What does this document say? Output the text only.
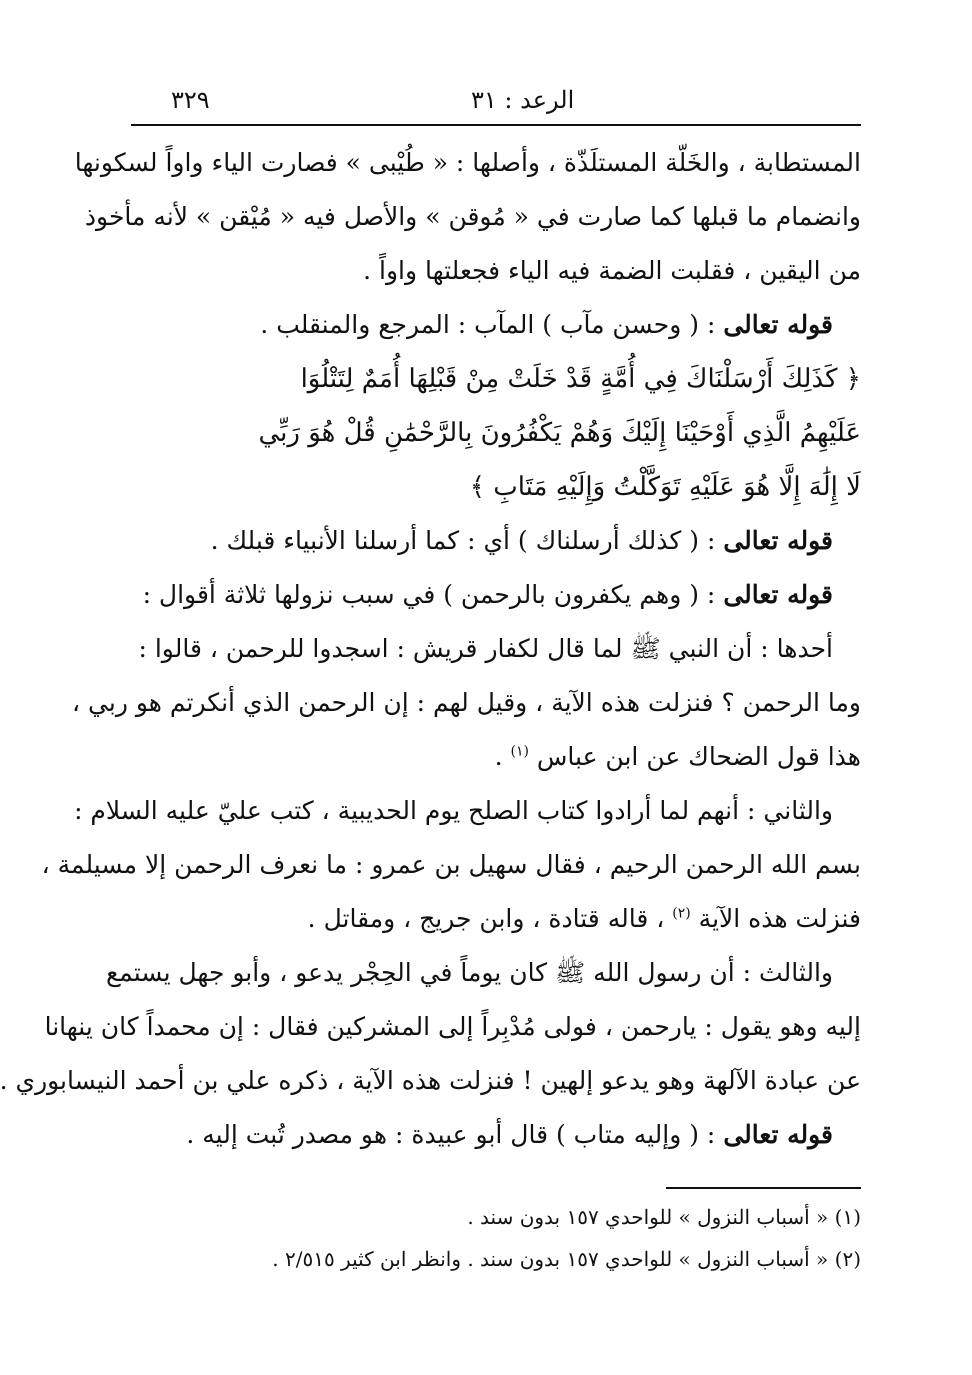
٣٢٩	الرعد : ٣١
المستطابة ، والخَلّة المستلَذّة ، وأصلها : « طُيْبى » فصارت الياء واواً لسكونها
وانضمام ما قبلها كما صارت في « مُوقن » والأصل فيه « مُيْقن » لأنه مأخوذ
من اليقين ، فقلبت الضمة فيه الياء فجعلتها واواً .
قوله تعالى : ( وحسن مآب ) المآب : المرجع والمنقلب .
﴿ كَذَلِكَ أَرْسَلْنَاكَ فِي أُمَّةٍ قَدْ خَلَتْ مِنْ قَبْلِهَا أُمَمٌ لِتَتْلُوَا
عَلَيْهِمُ الَّذِي أَوْحَيْنَا إِلَيْكَ وَهُمْ يَكْفُرُونَ بِالرَّحْمَٰنِ قُلْ هُوَ رَبِّي
لَا إِلَٰهَ إِلَّا هُوَ عَلَيْهِ تَوَكَّلْتُ وَإِلَيْهِ مَتَابِ ﴾
قوله تعالى : ( كذلك أرسلناك ) أي : كما أرسلنا الأنبياء قبلك .
قوله تعالى : ( وهم يكفرون بالرحمن ) في سبب نزولها ثلاثة أقوال :
أحدها : أن النبي ﷺ لما قال لكفار قريش : اسجدوا للرحمن ، قالوا :
وما الرحمن ؟ فنزلت هذه الآية ، وقيل لهم : إن الرحمن الذي أنكرتم هو ربي ،
هذا قول الضحاك عن ابن عباس $^{(١)}$ .
والثاني : أنهم لما أرادوا كتاب الصلح يوم الحديبية ، كتب عليّ عليه السلام :
بسم الله الرحمن الرحيم ، فقال سهيل بن عمرو : ما نعرف الرحمن إلا مسيلمة ،
فنزلت هذه الآية $^{(٢)}$ ، قاله قتادة ، وابن جريج ، ومقاتل .
والثالث : أن رسول الله ﷺ كان يوماً في الحِجْر يدعو ، وأبو جهل يستمع
إليه وهو يقول : يارحمن ، فولى مُدْبِراً إلى المشركين فقال : إن محمداً كان ينهانا
عن عبادة الآلهة وهو يدعو إلهين ! فنزلت هذه الآية ، ذكره علي بن أحمد النيسابوري .
قوله تعالى : ( وإليه متاب ) قال أبو عبيدة : هو مصدر تُبت إليه .
(١) « أسباب النزول » للواحدي ١٥٧ بدون سند .
(٢) « أسباب النزول » للواحدي ١٥٧ بدون سند . وانظر ابن كثير ٢/٥١٥ .
